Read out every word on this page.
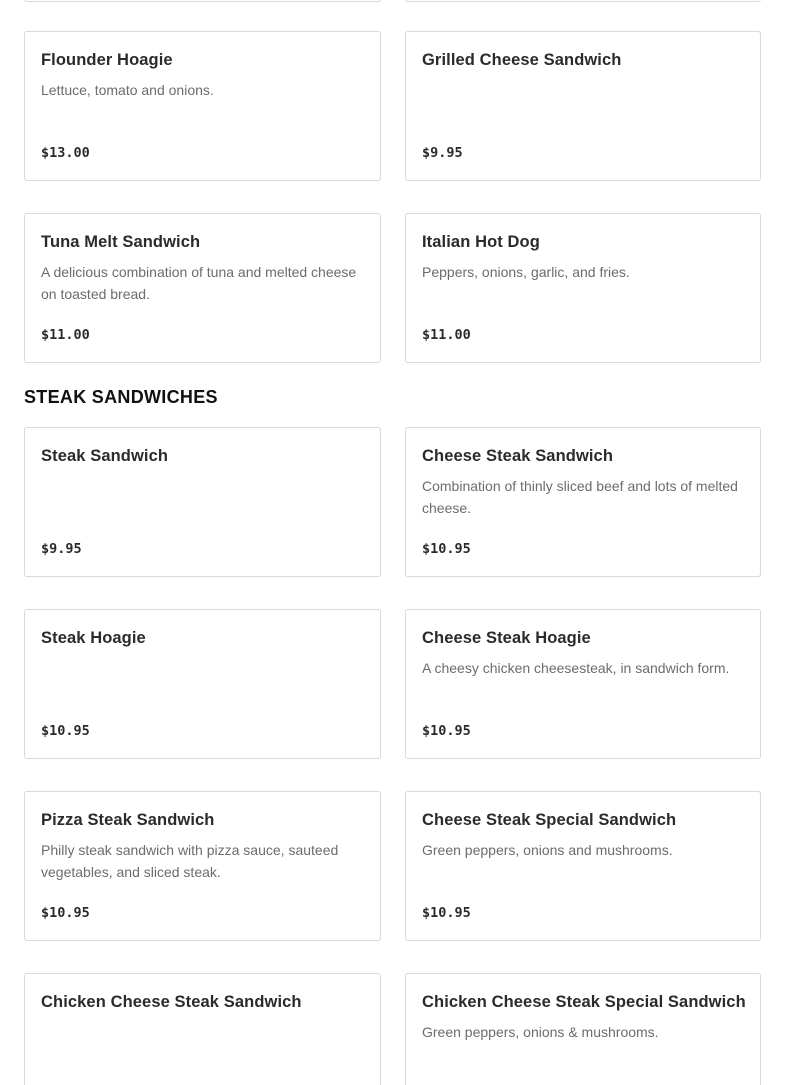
Flounder Hoagie
Lettuce, tomato and onions.
$13.00
Grilled Cheese Sandwich
$9.95
Tuna Melt Sandwich
A delicious combination of tuna and melted cheese on toasted bread.
$11.00
Italian Hot Dog
Peppers, onions, garlic, and fries.
$11.00
STEAK SANDWICHES
Steak Sandwich
$9.95
Cheese Steak Sandwich
Combination of thinly sliced beef and lots of melted cheese.
$10.95
Steak Hoagie
$10.95
Cheese Steak Hoagie
A cheesy chicken cheesesteak, in sandwich form.
$10.95
Pizza Steak Sandwich
Philly steak sandwich with pizza sauce, sauteed vegetables, and sliced steak.
$10.95
Cheese Steak Special Sandwich
Green peppers, onions and mushrooms.
$10.95
Chicken Cheese Steak Sandwich	Chicken Cheese Steak Special Sandwich
Green peppers, onions & mushrooms.
